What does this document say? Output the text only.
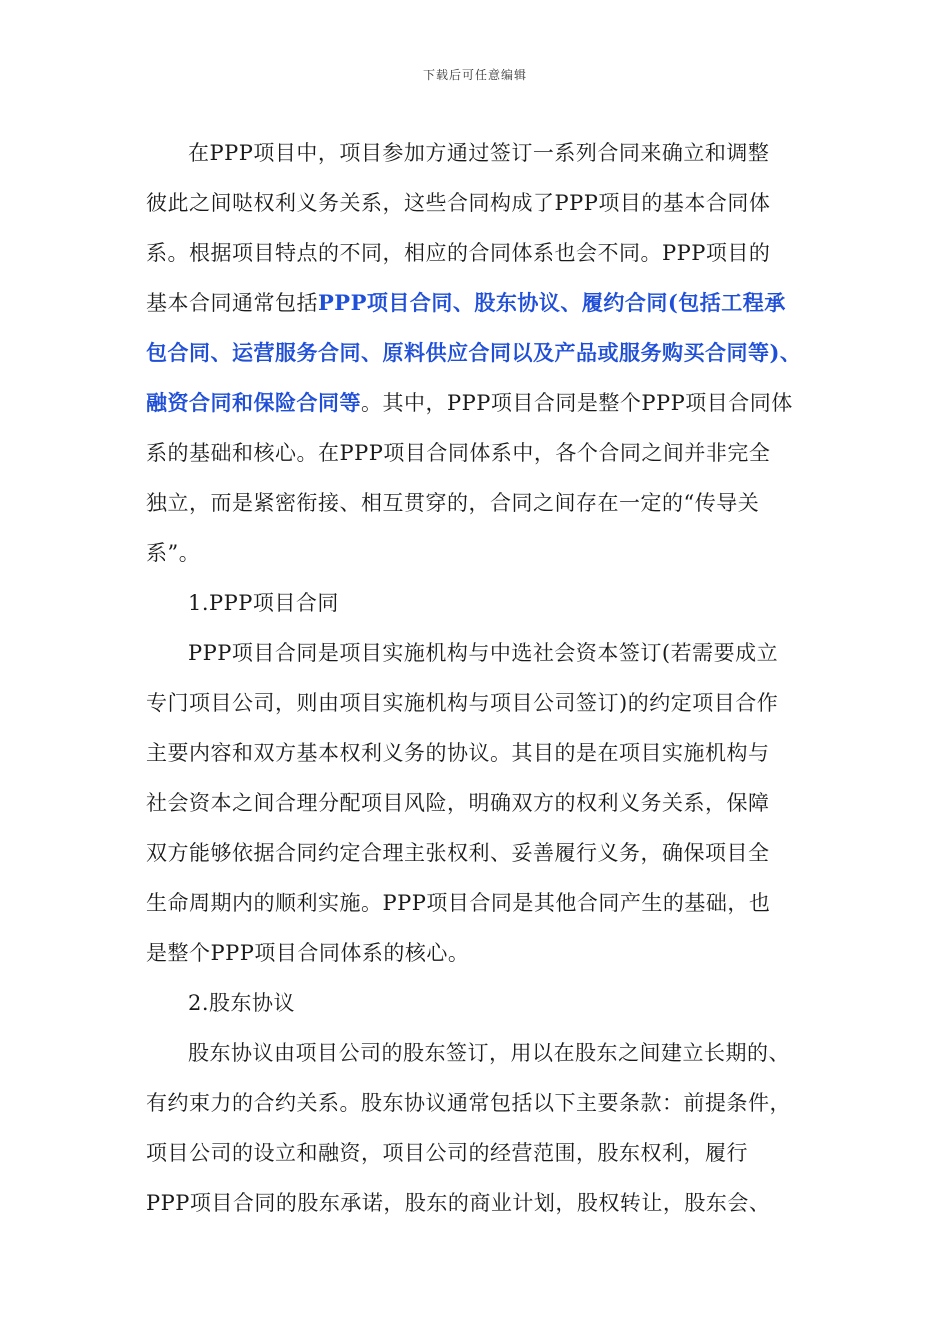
下载后可任意编辑
在PPP项目中，项目参加方通过签订一系列合同来确立和调整
彼此之间哒权利义务关系，这些合同构成了PPP项目的基本合同体
系。根据项目特点的不同，相应的合同体系也会不同。PPP项目的
基本合同通常包括PPP项目合同、股东协议、履约合同(包括工程承
包合同、运营服务合同、原料供应合同以及产品或服务购买合同等)、
融资合同和保险合同等。其中，PPP项目合同是整个PPP项目合同体
系的基础和核心。在PPP项目合同体系中，各个合同之间并非完全
独立，而是紧密衔接、相互贯穿的，合同之间存在一定的“传导关
系”。
1.PPP项目合同
PPP项目合同是项目实施机构与中选社会资本签订(若需要成立
专门项目公司，则由项目实施机构与项目公司签订)的约定项目合作
主要内容和双方基本权利义务的协议。其目的是在项目实施机构与
社会资本之间合理分配项目风险，明确双方的权利义务关系，保障
双方能够依据合同约定合理主张权利、妥善履行义务，确保项目全
生命周期内的顺利实施。PPP项目合同是其他合同产生的基础，也
是整个PPP项目合同体系的核心。
2.股东协议
股东协议由项目公司的股东签订，用以在股东之间建立长期的、
有约束力的合约关系。股东协议通常包括以下主要条款：前提条件，
项目公司的设立和融资，项目公司的经营范围，股东权利，履行
PPP项目合同的股东承诺，股东的商业计划，股权转让，股东会、
